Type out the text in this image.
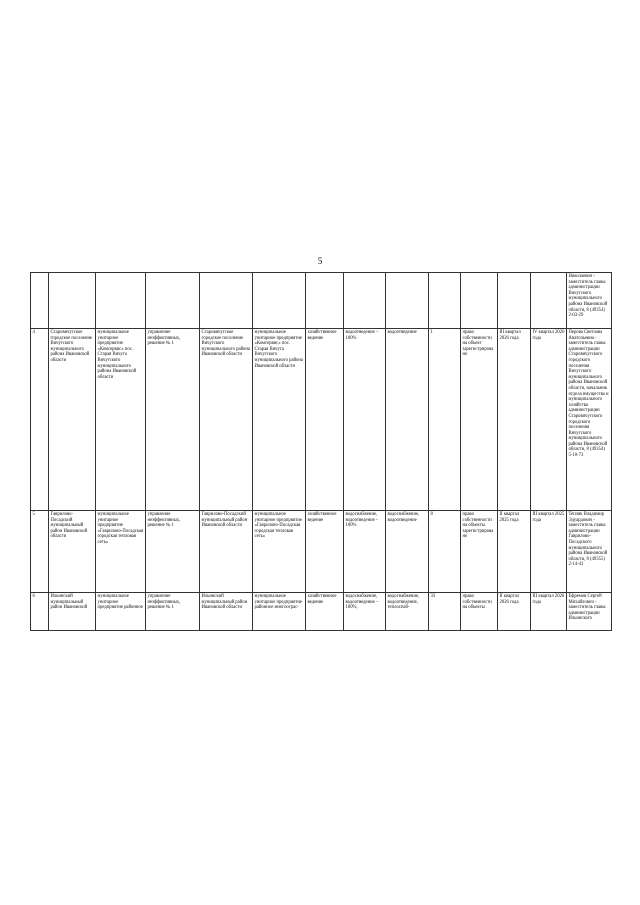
5
													Николаевич - заместитель главы администрации Вичугского муниципального района Ивановской области, 8 (49354) 2-03-29
4	Старовичугское городское поселение Вичугского муниципального района Ивановской области	муниципальное унитарное предприятие «Комсервис» пос. Старая Вичуга Вичугского муниципального района Ивановской области	управление неэффективных, решение № 1	Старовичугское городское поселение Вичугского муниципального района Ивановской области	муниципальное унитарное предприятие «Комсервис» пос. Старая Вичуга Вичугского муниципального района Ивановской области	хозяйственное ведение	водоотведение – 100%	водоотведение	1	право собственности на объект зарегистрировано	III квартал 2026 года	IV квартал 2026 года	Перова Светлана Анатольевна - заместитель главы администрации Старовичугского городского поселения Вичугского муниципального района Ивановской области, начальник отдела имущества и муниципального хозяйства администрации Старовичугского городского поселения Вичугского муниципального района Ивановской области, 8 (49354) 5-10-73
5	Гаврилово-Посадский муниципальный район Ивановской области	муниципальное унитарное предприятие «Гаврилово-Посадская городская тепловая сеть»	управление неэффективных, решение № 1	Гаврилово-Посадский муниципальный район Ивановской области	муниципальное унитарное предприятие «Гаврилово-Посадская городская тепловая сеть»	хозяйственное ведение	водоснабжение, водоотведение – 100%	водоснабжение, водоотведение	8	право собственности на объекты зарегистрировано	II квартал 2025 года	III квартал 2025 года	Тепляк Владимир Эдуардович - заместитель главы администрации Гаврилово-Посадского муниципального района Ивановской области, 8 (49355) 2-14-41
6	Ильинский муниципальный район Ивановской	муниципальное унитарное предприятие районное	управление неэффективных, решение № 1	Ильинский муниципальный район Ивановской области	муниципальное унитарное предприятие районное многоотрас-	хозяйственное ведение	водоснабжение, водоотведение – 100%,	водоснабжение, водоотведение, теплоснаб-	33	право собственности на объекты	II квартал 2026 года	III квартал 2026 года	Ефремов Сергей Михайлович - заместитель главы администрации Ильинского
